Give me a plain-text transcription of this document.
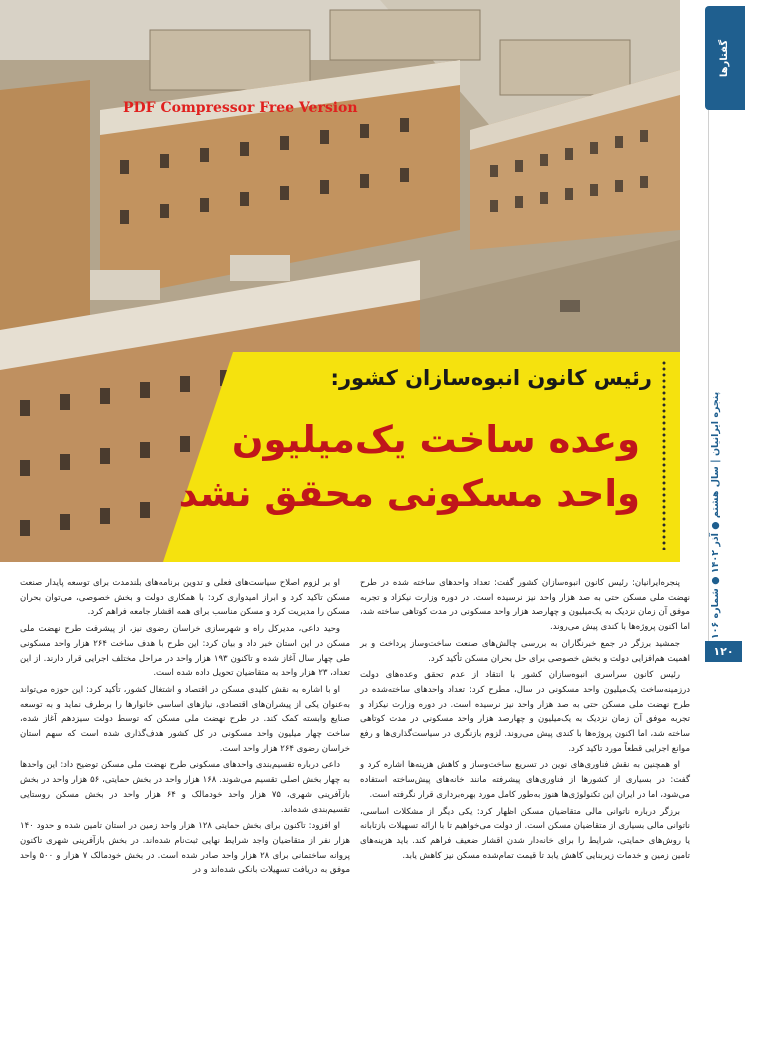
PDF Compressor Free Version
رئیس کانون انبوه‌سازان کشور:
وعده ساخت یک‌میلیون
واحد مسکونی محقق نشد
گفتارها
پنجره ایرانیان | سال هشتم ● آذر ۱۴۰۲ ● شماره ۱۰۶
۱۲۰

پنجره‌ایرانیان: رئیس کانون انبوه‌سازان کشور گفت: تعداد واحدهای ساخته شده در طرح نهضت ملی مسکن حتی به صد هزار واحد نیز نرسیده است. در دوره وزارت نیکزاد و تجربه موفق آن زمان نزدیک به یک‌میلیون و چهارصد هزار واحد مسکونی در مدت کوتاهی ساخته شد، اما اکنون پروژه‌ها با کندی پیش می‌روند.

جمشید برزگر در جمع خبرنگاران به بررسی چالش‌های صنعت ساخت‌وساز پرداخت و بر اهمیت هم‌افزایی دولت و بخش خصوصی برای حل بحران مسکن تأکید کرد.

رئیس کانون سراسری انبوه‌سازان کشور با انتقاد از عدم تحقق وعده‌های دولت درزمینه‌ساخت یک‌میلیون واحد مسکونی در سال، مطرح کرد: تعداد واحدهای ساخته‌شده در طرح نهضت ملی مسکن حتی به صد هزار واحد نیز نرسیده است. در دوره وزارت نیکزاد و تجربه موفق آن زمان نزدیک به یک‌میلیون و چهارصد هزار واحد مسکونی در مدت کوتاهی ساخته شد، اما اکنون پروژه‌ها با کندی پیش می‌روند. لزوم بازنگری در سیاست‌گذاری‌ها و رفع موانع اجرایی قطعاً مورد تاکید کرد.

او همچنین به نقش فناوری‌های نوین در تسریع ساخت‌وساز و کاهش هزینه‌ها اشاره کرد و گفت: در بسیاری از کشورها از فناوری‌های پیشرفته مانند خانه‌های پیش‌ساخته استفاده می‌شود، اما در ایران این تکنولوژی‌ها هنوز به‌طور کامل مورد بهره‌برداری قرار نگرفته است.

برزگر درباره ناتوانی مالی متقاضیان مسکن اظهار کرد: یکی دیگر از مشکلات اساسی، ناتوانی مالی بسیاری از متقاضیان مسکن است. از دولت می‌خواهیم تا با ارائه تسهیلات بازتابانه یا روش‌های حمایتی، شرایط را برای خانه‌دار شدن اقشار ضعیف فراهم کند. باید هزینه‌های تامین زمین و خدمات زیربنایی کاهش یابد تا قیمت تمام‌شده مسکن نیز کاهش یابد.

او بر لزوم اصلاح سیاست‌های فعلی و تدوین برنامه‌های بلندمدت برای توسعه پایدار صنعت مسکن تاکید کرد و ابراز امیدواری کرد: با همکاری دولت و بخش خصوصی، می‌توان بحران مسکن را مدیریت کرد و مسکن مناسب برای همه اقشار جامعه فراهم کرد.

وحید داعی، مدیرکل راه و شهرسازی خراسان رضوی نیز، از پیشرفت طرح نهضت ملی مسکن در این استان خبر داد و بیان کرد: این طرح با هدف ساخت ۲۶۴ هزار واحد مسکونی طی چهار سال آغاز شده و تاکنون ۱۹۳ هزار واحد در مراحل مختلف اجرایی قرار دارند. از این تعداد، ۲۳ هزار واحد به متقاضیان تحویل داده شده است.

او با اشاره به نقش کلیدی مسکن در اقتصاد و اشتغال کشور، تأکید کرد: این حوزه می‌تواند به‌عنوان یکی از پیشران‌های اقتصادی، نیازهای اساسی خانوارها را برطرف نماید و به توسعه صنایع وابسته کمک کند. در طرح نهضت ملی مسکن که توسط دولت سیزدهم آغاز شده، ساخت چهار میلیون واحد مسکونی در کل کشور هدف‌گذاری شده است که سهم استان خراسان رضوی ۲۶۴ هزار واحد است.

داعی درباره تقسیم‌بندی واحدهای مسکونی طرح نهضت ملی مسکن توضیح داد: این واحدها به چهار بخش اصلی تقسیم می‌شوند. ۱۶۸ هزار واحد در بخش حمایتی، ۵۶ هزار واحد در بخش بازآفرینی شهری، ۷۵ هزار واحد خودمالک و ۶۴ هزار واحد در بخش مسکن روستایی تقسیم‌بندی شده‌اند.

او افزود: تاکنون برای بخش حمایتی ۱۲۸ هزار واحد زمین در استان تامین شده و حدود ۱۴۰ هزار نفر از متقاضیان واجد شرایط نهایی ثبت‌نام شده‌اند. در بخش بازآفرینی شهری تاکنون پروانه ساختمانی برای ۲۸ هزار واحد صادر شده است. در بخش خودمالک ۷ هزار و ۵۰۰ واحد موفق به دریافت تسهیلات بانکی شده‌اند و در
